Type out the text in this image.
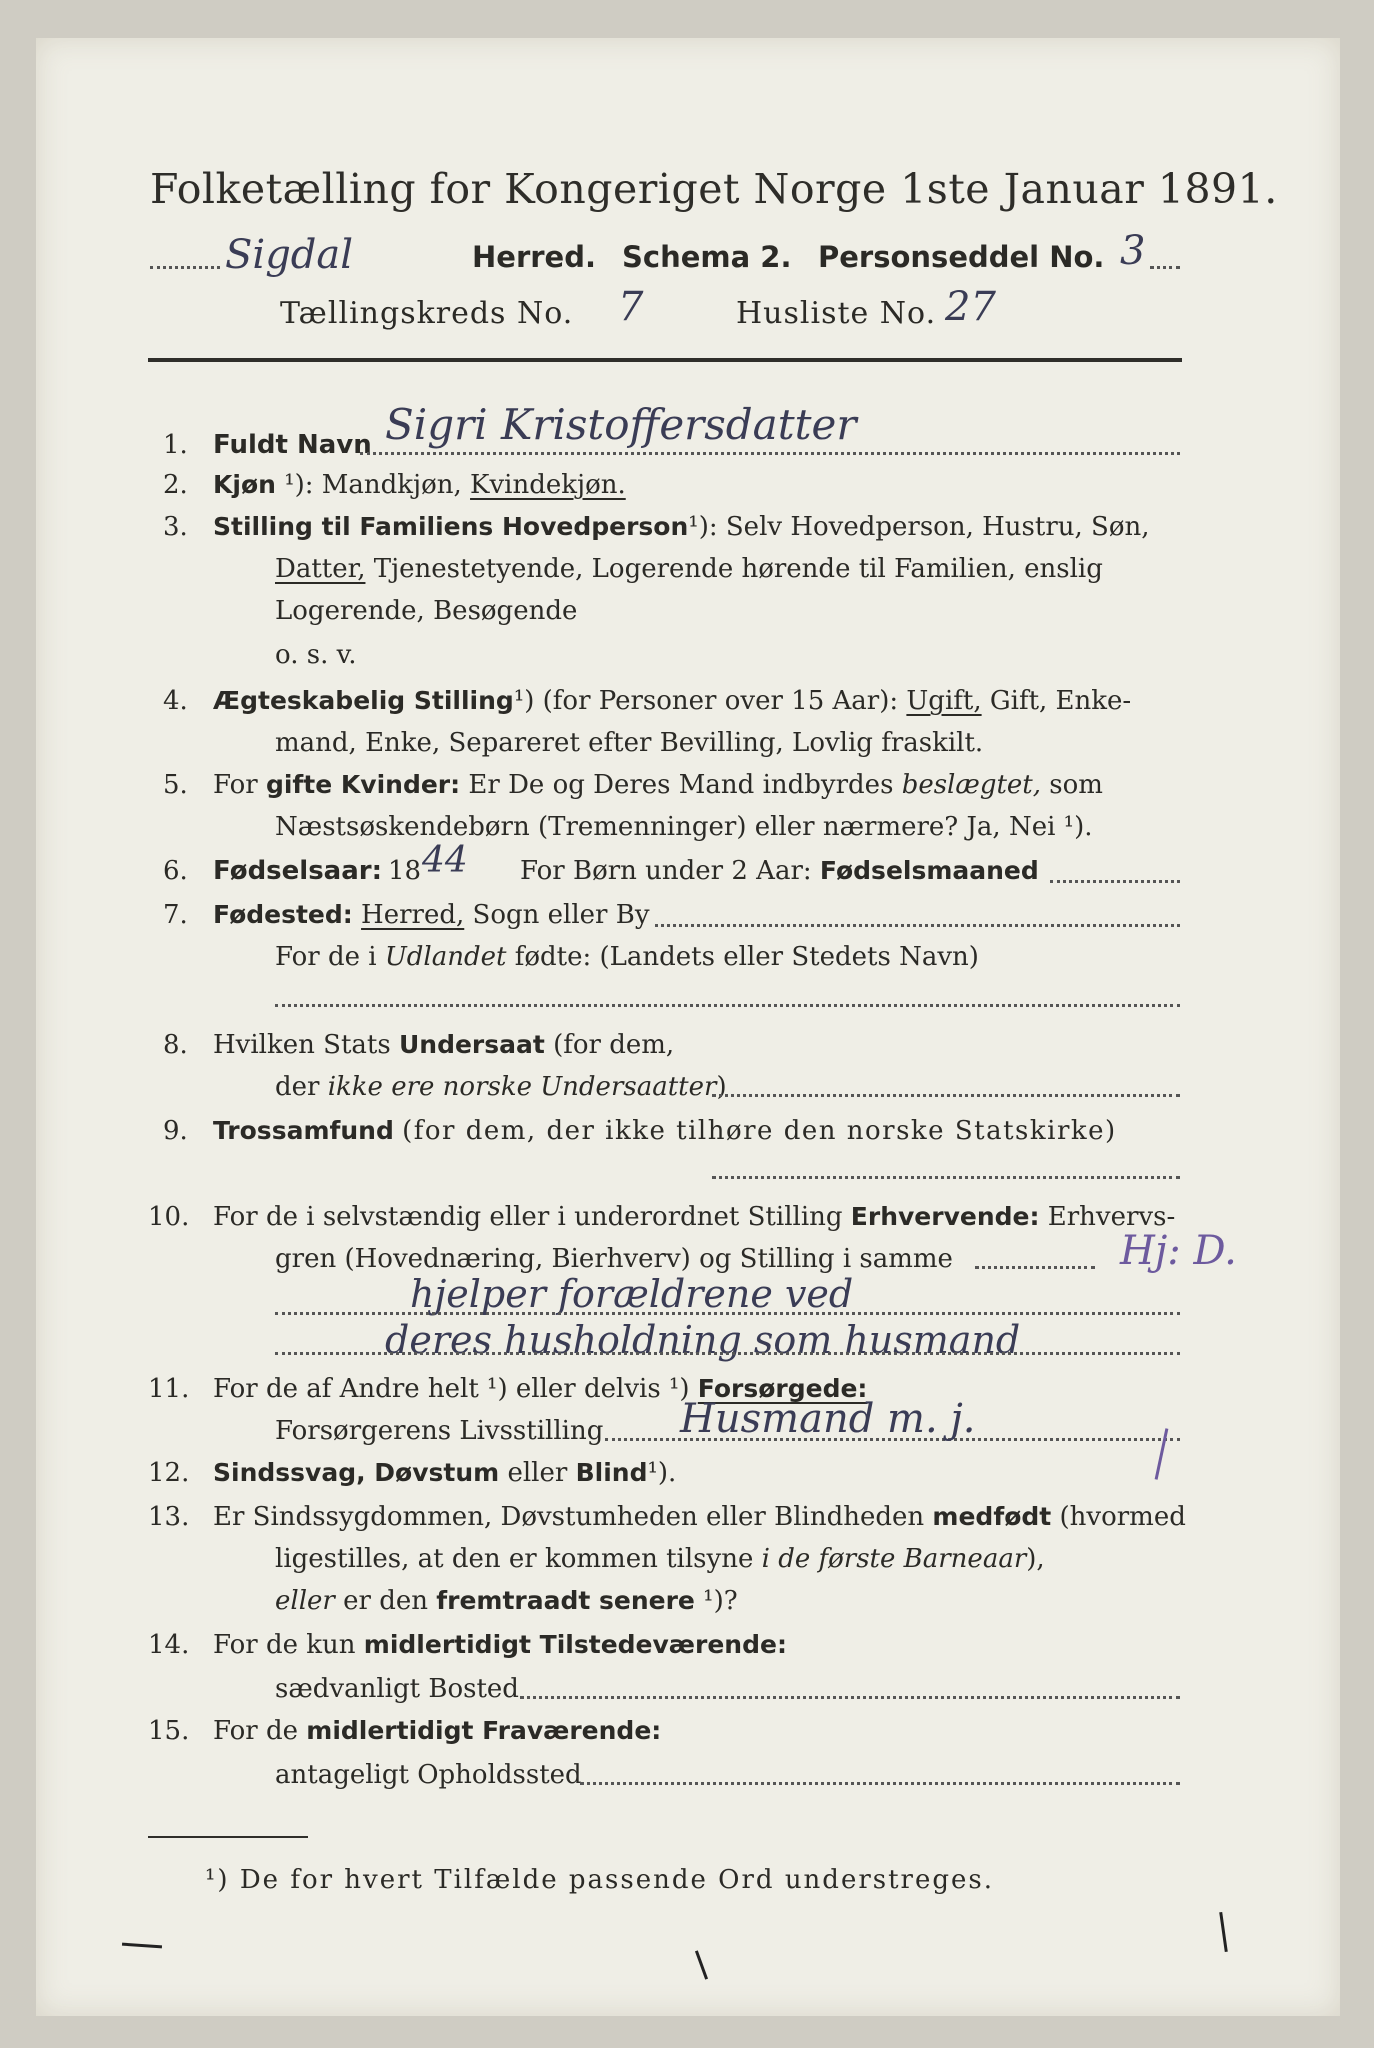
Folketælling for Kongeriget Norge 1ste Januar 1891.
Sigdal	Herred. Schema 2. Personseddel No. 3
Tællingskreds No. 7	Husliste No. 27
1. Fuldt Navn Sigri Kristoffersdatter
2. Kjøn ¹): Mandkjøn, Kvindekjøn.
3. Stilling til Familiens Hovedperson¹): Selv Hovedperson, Hustru, Søn,
Datter, Tjenestetyende, Logerende hørende til Familien, enslig
Logerende, Besøgende
o. s. v.
4. Ægteskabelig Stilling¹) (for Personer over 15 Aar): Ugift, Gift, Enke-
mand, Enke, Separeret efter Bevilling, Lovlig fraskilt.
5. For gifte Kvinder: Er De og Deres Mand indbyrdes beslægtet, som
Næstsøskendebørn (Tremenninger) eller nærmere? Ja, Nei ¹).
6. Fødselsaar: 18 44 For Børn under 2 Aar: Fødselsmaaned
7. Fødested: Herred, Sogn eller By
For de i Udlandet fødte: (Landets eller Stedets Navn)
8. Hvilken Stats Undersaat (for dem,
der ikke ere norske Undersaatter)
9. Trossamfund (for dem, der ikke tilhøre den norske Statskirke)
10. For de i selvstændig eller i underordnet Stilling Erhvervende: Erhvervs-
gren (Hovednæring, Bierhverv) og Stilling i samme	Hj: D.
hjelper forældrene ved
deres husholdning som husmand
11. For de af Andre helt ¹) eller delvis ¹) Forsørgede:
Forsørgerens Livsstilling Husmand m. j.
12. Sindssvag, Døvstum eller Blind¹).
13. Er Sindssygdommen, Døvstumheden eller Blindheden medfødt (hvormed
ligestilles, at den er kommen tilsyne i de første Barneaar),
eller er den fremtraadt senere ¹)?
14. For de kun midlertidigt Tilstedeværende:
sædvanligt Bosted
15. For de midlertidigt Fraværende:
antageligt Opholdssted
¹) De for hvert Tilfælde passende Ord understreges.
